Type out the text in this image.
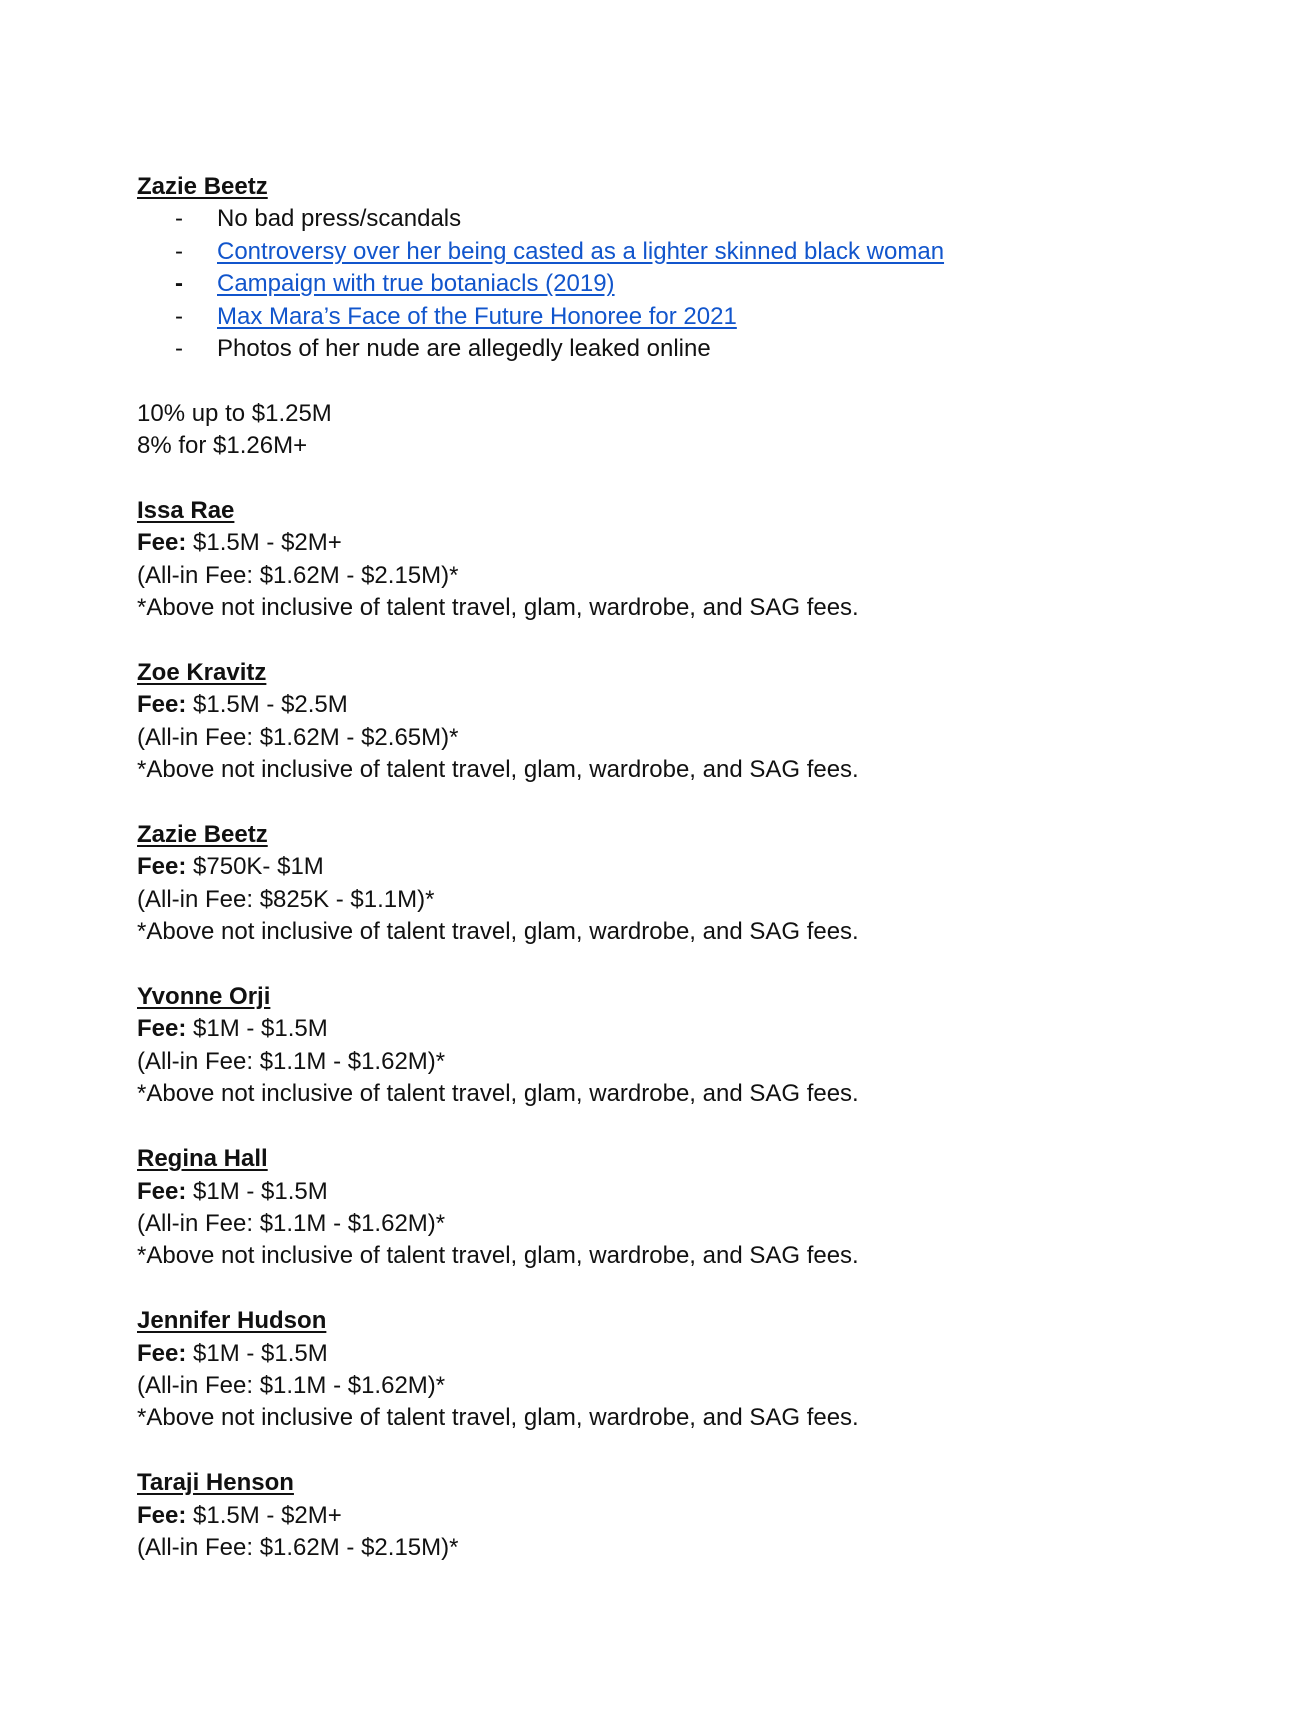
Zazie Beetz

- No bad press/scandals
- Controversy over her being casted as a lighter skinned black woman
- Campaign with true botaniacls (2019)
- Max Mara’s Face of the Future Honoree for 2021
- Photos of her nude are allegedly leaked online

10% up to $1.25M

8% for $1.26M+

Issa Rae

Fee: $1.5M - $2M+

(All-in Fee: $1.62M - $2.15M)*

*Above not inclusive of talent travel, glam, wardrobe, and SAG fees.

Zoe Kravitz

Fee: $1.5M - $2.5M

(All-in Fee: $1.62M - $2.65M)*

*Above not inclusive of talent travel, glam, wardrobe, and SAG fees.

Zazie Beetz

Fee: $750K- $1M

(All-in Fee: $825K - $1.1M)*

*Above not inclusive of talent travel, glam, wardrobe, and SAG fees.

Yvonne Orji

Fee: $1M - $1.5M

(All-in Fee: $1.1M - $1.62M)*

*Above not inclusive of talent travel, glam, wardrobe, and SAG fees.

Regina Hall

Fee: $1M - $1.5M

(All-in Fee: $1.1M - $1.62M)*

*Above not inclusive of talent travel, glam, wardrobe, and SAG fees.

Jennifer Hudson

Fee: $1M - $1.5M

(All-in Fee: $1.1M - $1.62M)*

*Above not inclusive of talent travel, glam, wardrobe, and SAG fees.

Taraji Henson

Fee: $1.5M - $2M+

(All-in Fee: $1.62M - $2.15M)*
